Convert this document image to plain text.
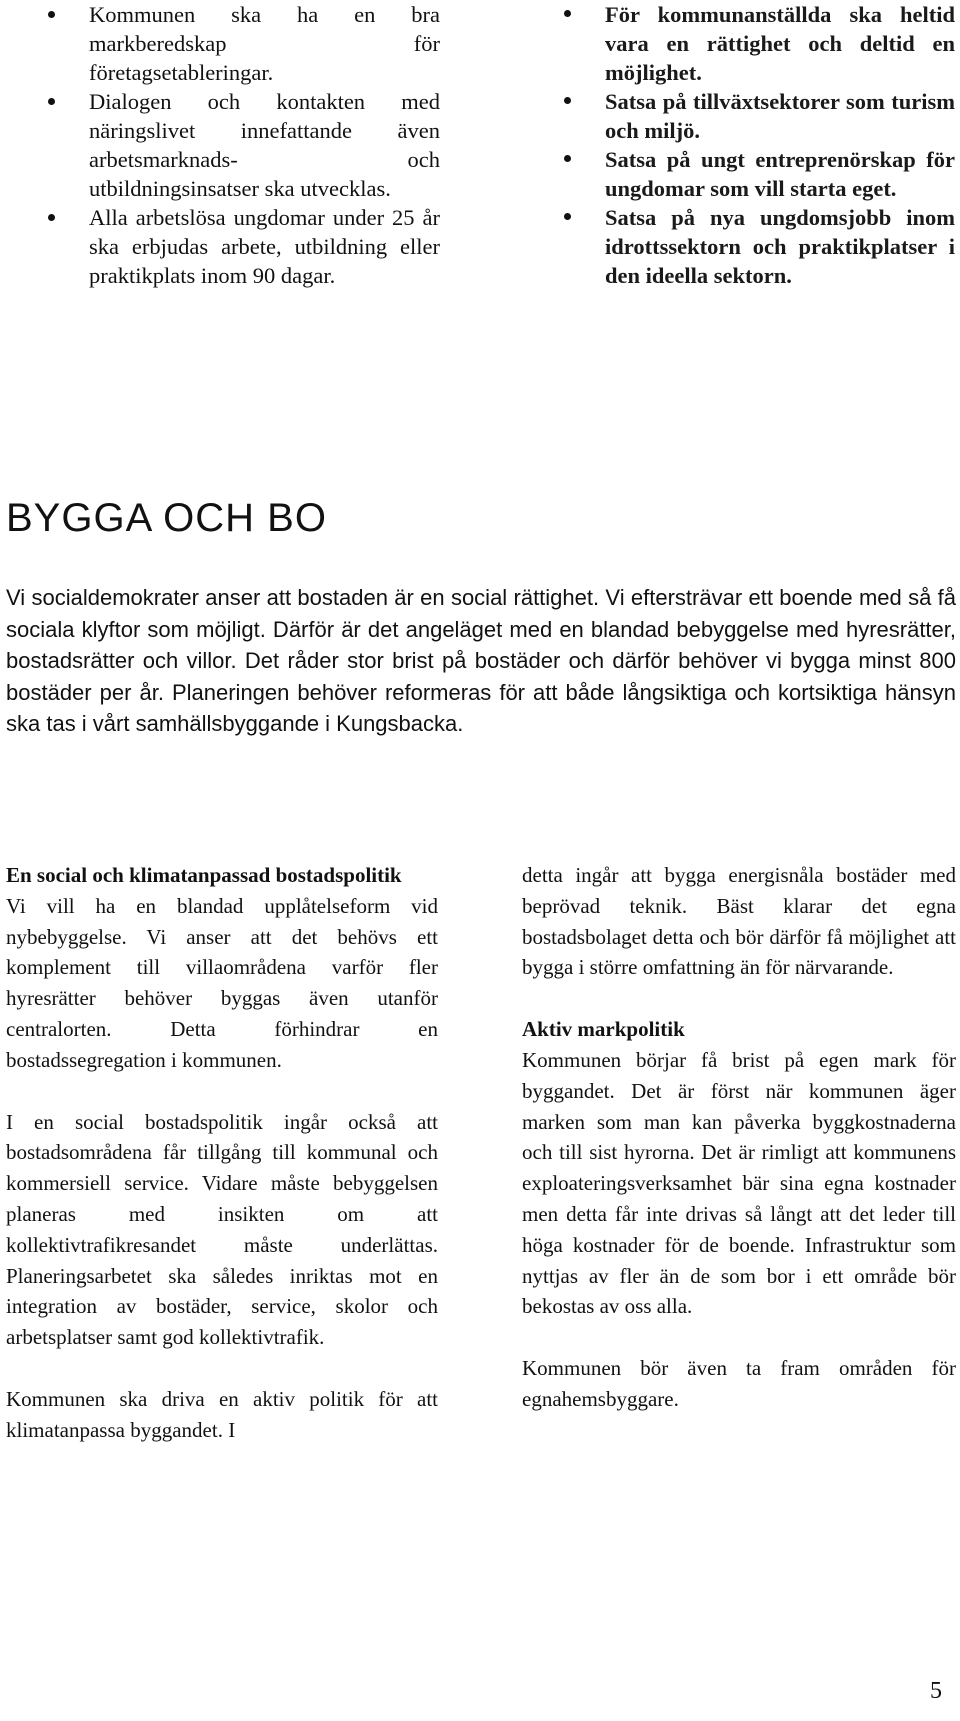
Kommunen ska ha en bra markberedskap för företagsetableringar.
Dialogen och kontakten med näringslivet innefattande även arbetsmarknads- och utbildningsinsatser ska utvecklas.
Alla arbetslösa ungdomar under 25 år ska erbjudas arbete, utbildning eller praktikplats inom 90 dagar.
För kommunanställda ska heltid vara en rättighet och deltid en möjlighet.
Satsa på tillväxtsektorer som turism och miljö.
Satsa på ungt entreprenörskap för ungdomar som vill starta eget.
Satsa på nya ungdomsjobb inom idrottssektorn och praktikplatser i den ideella sektorn.
BYGGA OCH BO

Vi socialdemokrater anser att bostaden är en social rättighet. Vi eftersträvar ett boende med så få sociala klyftor som möjligt. Därför är det angeläget med en blandad bebyggelse med hyresrätter, bostadsrätter och villor. Det råder stor brist på bostäder och därför behöver vi bygga minst 800 bostäder per år. Planeringen behöver reformeras för att både långsiktiga och kortsiktiga hänsyn ska tas i vårt samhällsbyggande i Kungsbacka.

En social och klimatanpassad bostadspolitik

Vi vill ha en blandad upplåtelseform vid nybebyggelse. Vi anser att det behövs ett komplement till villaområdena varför fler hyresrätter behöver byggas även utanför centralorten. Detta förhindrar en bostadssegregation i kommunen.

I en social bostadspolitik ingår också att bostadsområdena får tillgång till kommunal och kommersiell service. Vidare måste bebyggelsen planeras med insikten om att kollektivtrafikresandet måste underlättas. Planeringsarbetet ska således inriktas mot en integration av bostäder, service, skolor och arbetsplatser samt god kollektivtrafik.

Kommunen ska driva en aktiv politik för att klimatanpassa byggandet. I

detta ingår att bygga energisnåla bostäder med beprövad teknik. Bäst klarar det egna bostadsbolaget detta och bör därför få möjlighet att bygga i större omfattning än för närvarande.

Aktiv markpolitik

Kommunen börjar få brist på egen mark för byggandet. Det är först när kommunen äger marken som man kan påverka byggkostnaderna och till sist hyrorna. Det är rimligt att kommunens exploateringsverksamhet bär sina egna kostnader men detta får inte drivas så långt att det leder till höga kostnader för de boende. Infrastruktur som nyttjas av fler än de som bor i ett område bör bekostas av oss alla.

Kommunen bör även ta fram områden för egnahemsbyggare.

5
